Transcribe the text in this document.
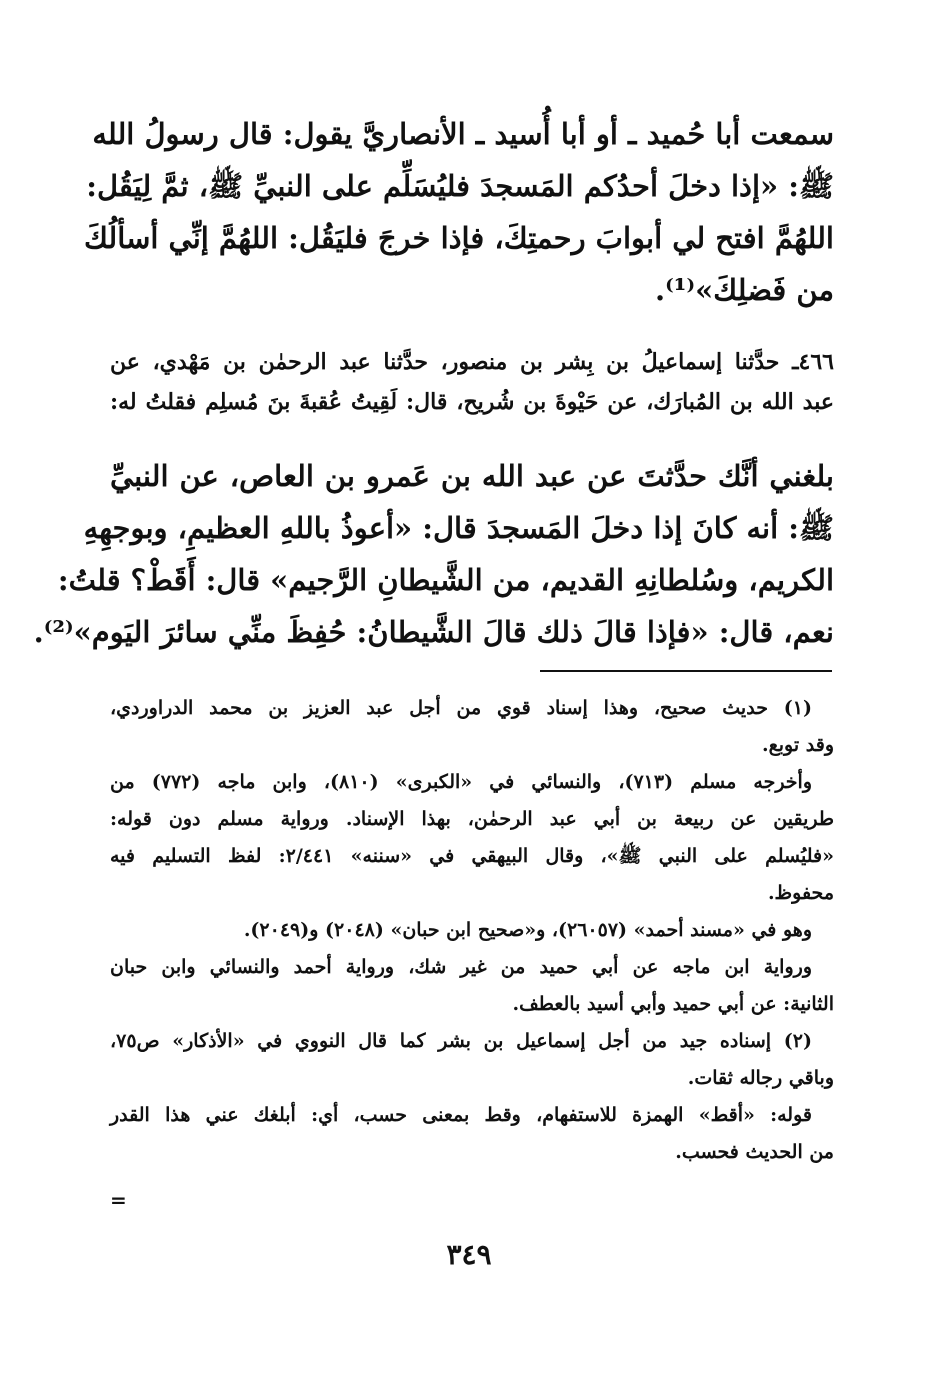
سمعت أبا حُميد ـ أو أبا أُسيد ـ الأنصاريَّ يقول: قال رسولُ الله
ﷺ: «إذا دخلَ أحدُكم المَسجدَ فليُسَلِّم على النبيِّ ﷺ، ثمَّ لِيَقُل:
اللهُمَّ افتح لي أبوابَ رحمتِكَ، فإذا خرجَ فليَقُل: اللهُمَّ إنِّي أسألُكَ
من فَضلِكَ»⁽¹⁾.
٤٦٦ـ حدَّثنا إسماعيلُ بن بِشر بن منصور، حدَّثنا عبد الرحمٰن بن مَهْدي، عن
عبد الله بن المُبارَك، عن حَيْوةَ بن شُريح، قال: لَقِيتُ عُقبةَ بنَ مُسلِم فقلتُ له:
بلغني أنَّك حدَّثتَ عن عبد الله بن عَمرو بن العاص، عن النبيِّ
ﷺ: أنه كانَ إذا دخلَ المَسجدَ قال: «أعوذُ باللهِ العظيمِ، وبوجهِهِ
الكريم، وسُلطانِهِ القديم، من الشَّيطانِ الرَّجيم» قال: أَقَطْ؟ قلتُ:
نعم، قال: «فإذا قالَ ذلك قالَ الشَّيطانُ: حُفِظَ منِّي سائرَ اليَوم»⁽²⁾.
(١) حديث صحيح، وهذا إسناد قوي من أجل عبد العزيز بن محمد الدراوردي،
وقد توبع.
وأخرجه مسلم (٧١٣)، والنسائي في «الكبرى» (٨١٠)، وابن ماجه (٧٧٢) من
طريقين عن ربيعة بن أبي عبد الرحمٰن، بهذا الإسناد. ورواية مسلم دون قوله:
«فليُسلم على النبي ﷺ»، وقال البيهقي في «سننه» ٢/٤٤١: لفظ التسليم فيه
محفوظ.
وهو في «مسند أحمد» (٢٦٠٥٧)، و«صحيح ابن حبان» (٢٠٤٨) و(٢٠٤٩).
ورواية ابن ماجه عن أبي حميد من غير شك، ورواية أحمد والنسائي وابن حبان
الثانية: عن أبي حميد وأبي أسيد بالعطف.
(٢) إسناده جيد من أجل إسماعيل بن بشر كما قال النووي في «الأذكار» ص٧٥،
وباقي رجاله ثقات.
قوله: «أقط» الهمزة للاستفهام، وقط بمعنى حسب، أي: أبلغك عني هذا القدر
من الحديث فحسب.
=
٣٤٩
